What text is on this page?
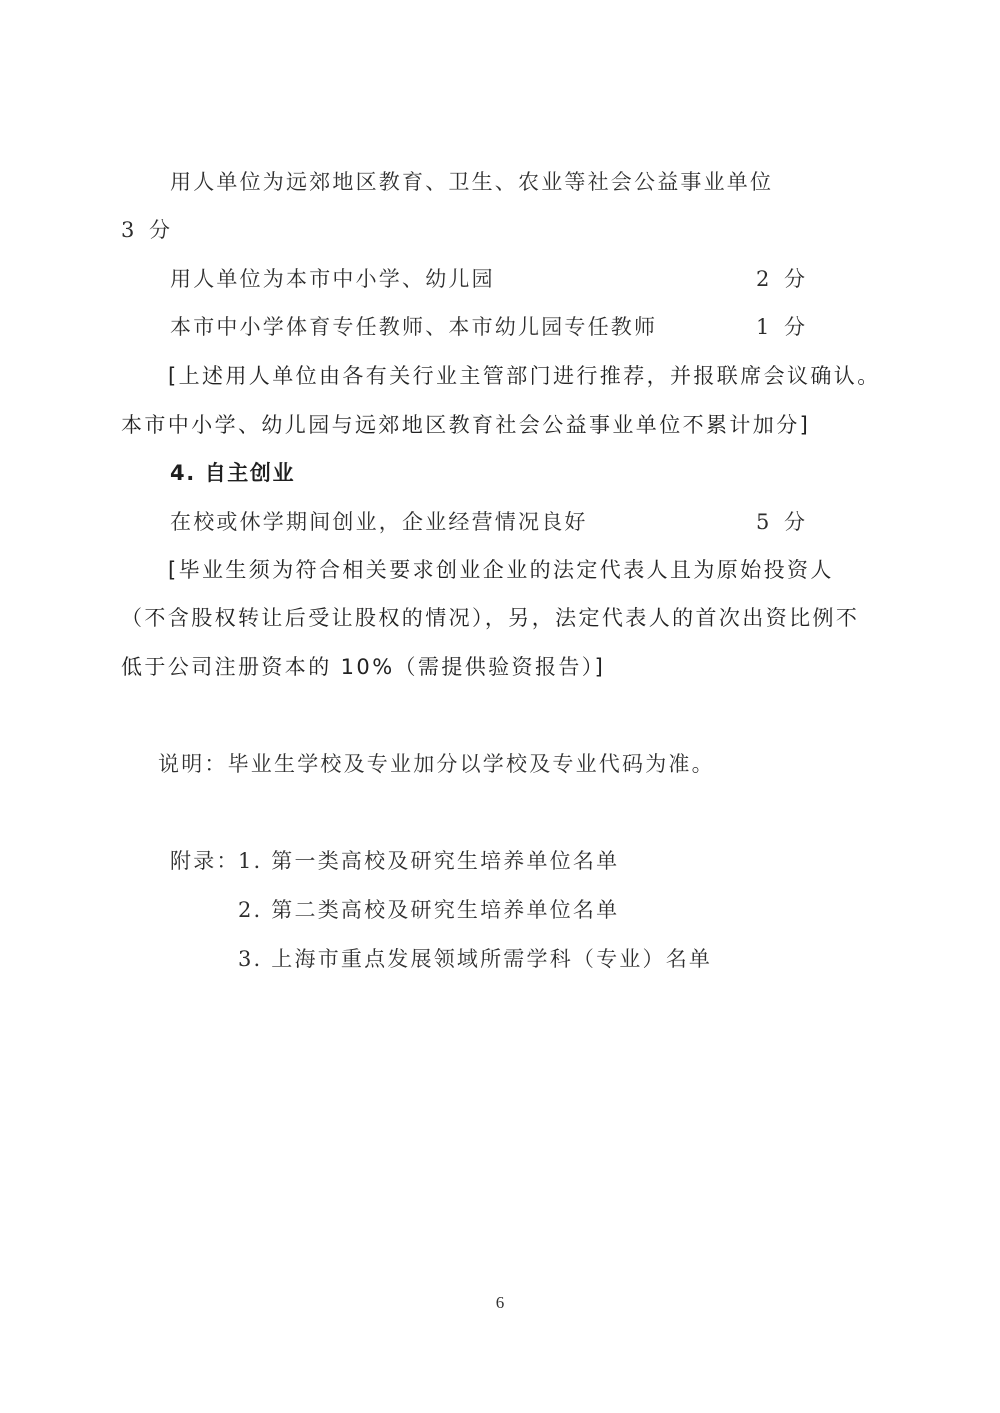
用人单位为远郊地区教育、卫生、农业等社会公益事业单位
3 分
用人单位为本市中小学、幼儿园	2 分
本市中小学体育专任教师、本市幼儿园专任教师	1 分
[上述用人单位由各有关行业主管部门进行推荐，并报联席会议确认。
本市中小学、幼儿园与远郊地区教育社会公益事业单位不累计加分]
4. 自主创业
在校或休学期间创业，企业经营情况良好	5 分
[毕业生须为符合相关要求创业企业的法定代表人且为原始投资人
（不含股权转让后受让股权的情况），另，法定代表人的首次出资比例不
低于公司注册资本的 10%（需提供验资报告）]
说明：毕业生学校及专业加分以学校及专业代码为准。
附录：
1. 第一类高校及研究生培养单位名单
2. 第二类高校及研究生培养单位名单
3. 上海市重点发展领域所需学科（专业）名单
6
